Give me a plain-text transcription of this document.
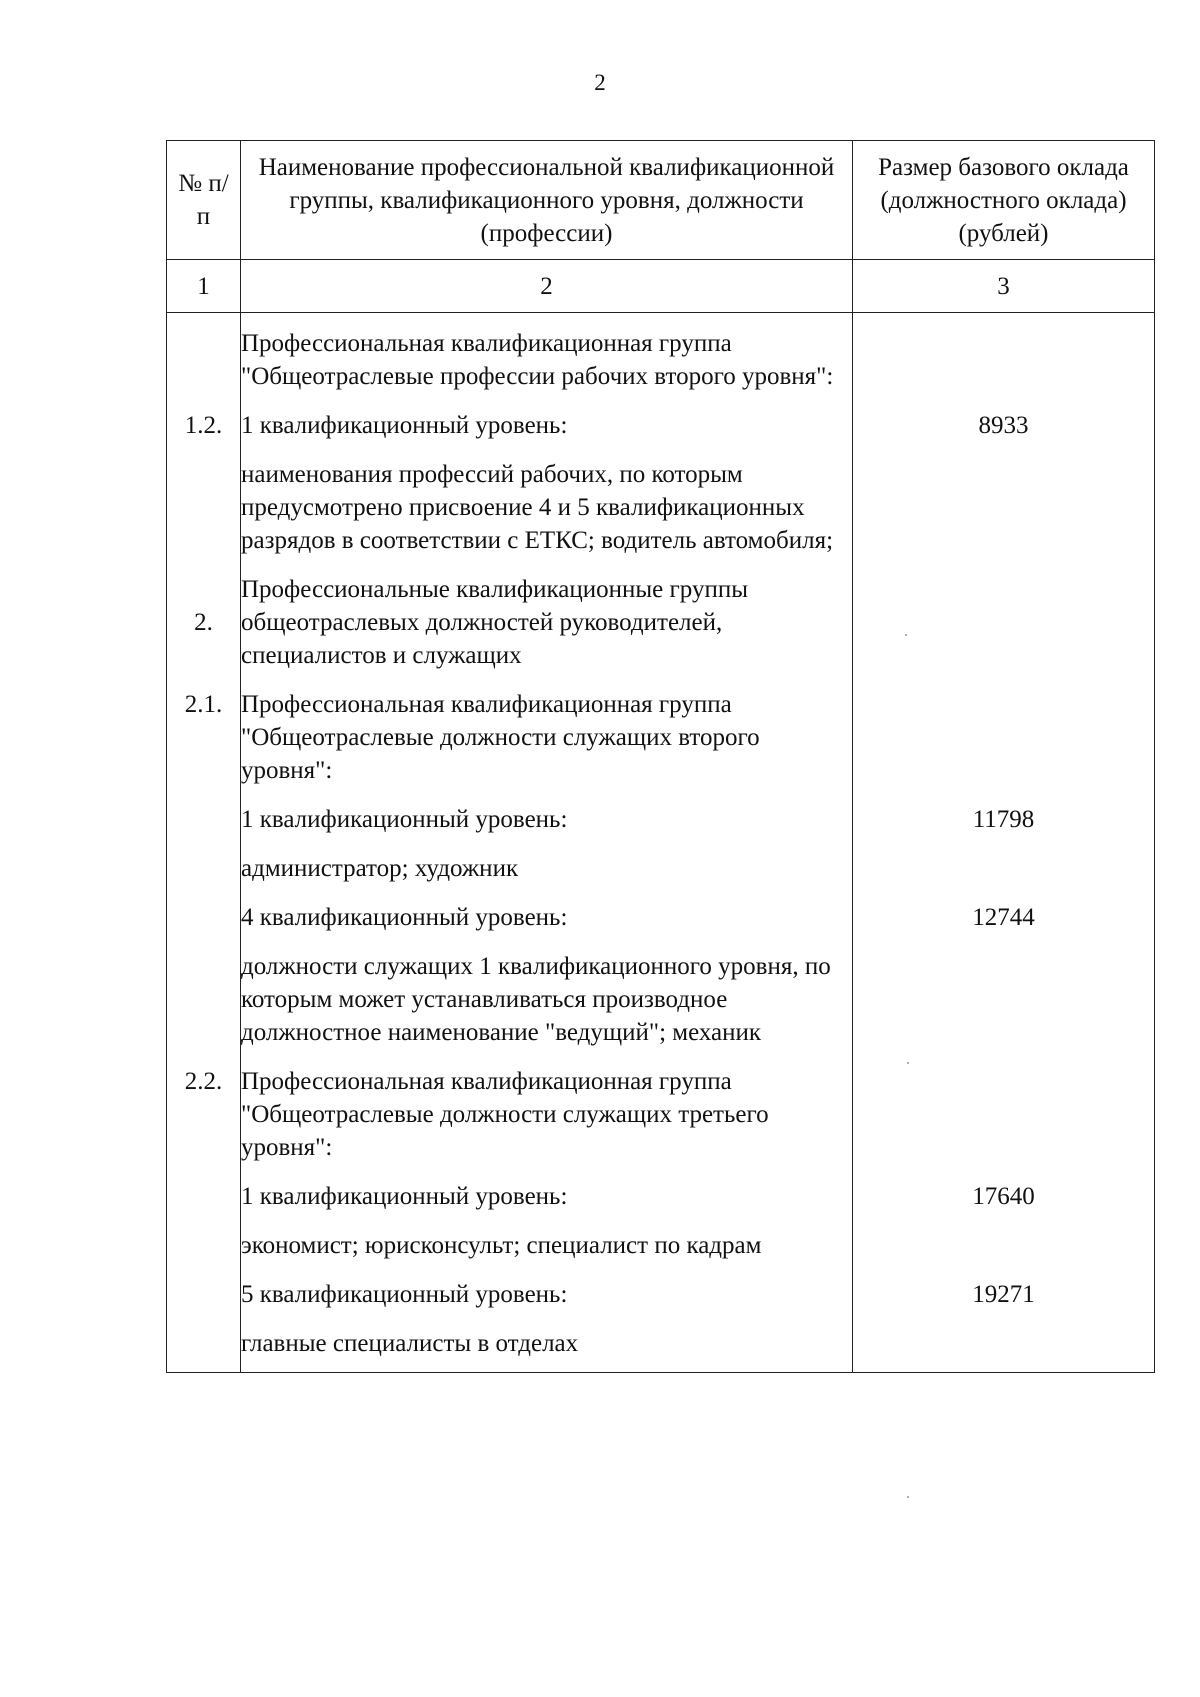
2
№ п/п	Наименование профессиональной квалификационной группы, квалификационного уровня, должности (профессии)	Размер базового оклада (должностного оклада) (рублей)
1	2	3
	Профессиональная квалификационная группа "Общеотраслевые профессии рабочих второго уровня":	
1.2.	1 квалификационный уровень:	8933
	наименования профессий рабочих, по которым предусмотрено присвоение 4 и 5 квалификационных разрядов в соответствии с ЕТКС; водитель автомобиля;	
2.	Профессиональные квалификационные группы общеотраслевых должностей руководителей, специалистов и служащих	
2.1.	Профессиональная квалификационная группа "Общеотраслевые должности служащих второго уровня":	
	1 квалификационный уровень:	11798
	администратор; художник	
	4 квалификационный уровень:	12744
	должности служащих 1 квалификационного уровня, по которым может устанавливаться производное должностное наименование "ведущий"; механик	
2.2.	Профессиональная квалификационная группа "Общеотраслевые должности служащих третьего уровня":	
	1 квалификационный уровень:	17640
	экономист; юрисконсульт; специалист по кадрам	
	5 квалификационный уровень:	19271
	главные специалисты в отделах	
